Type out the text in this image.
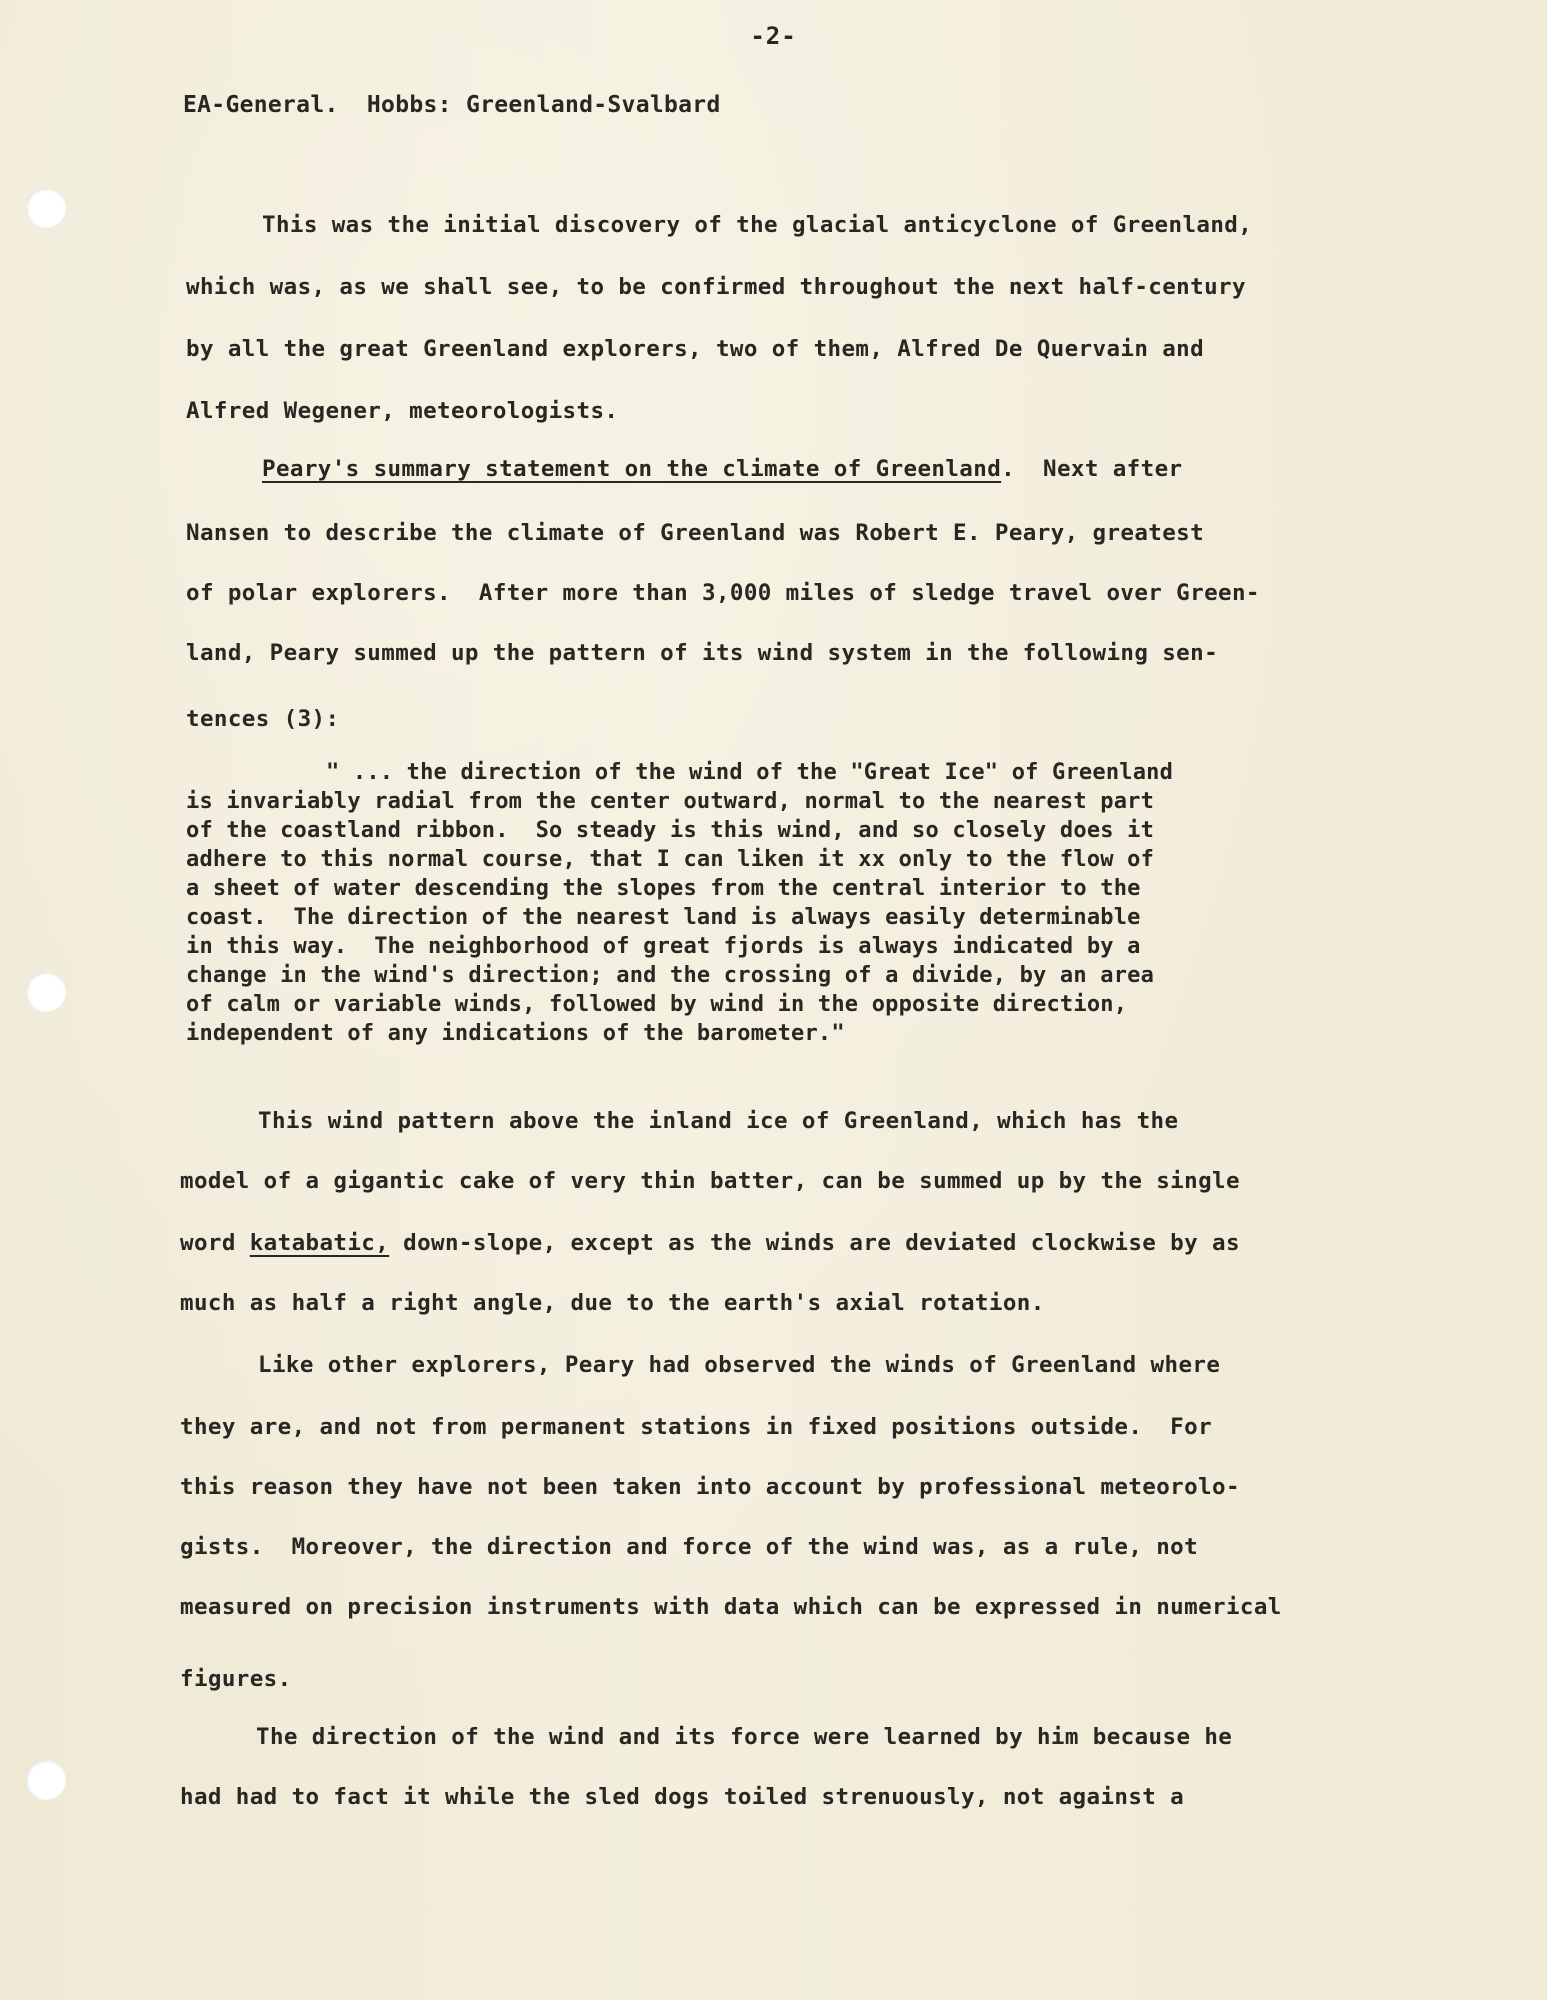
-2-
EA-General.  Hobbs: Greenland-Svalbard
This was the initial discovery of the glacial anticyclone of Greenland,
which was, as we shall see, to be confirmed throughout the next half-century
by all the great Greenland explorers, two of them, Alfred De Quervain and
Alfred Wegener, meteorologists.
Peary's summary statement on the climate of Greenland.  Next after
Nansen to describe the climate of Greenland was Robert E. Peary, greatest
of polar explorers.  After more than 3,000 miles of sledge travel over Green-
land, Peary summed up the pattern of its wind system in the following sen-
tences (3):
" ... the direction of the wind of the "Great Ice" of Greenland
is invariably radial from the center outward, normal to the nearest part
of the coastland ribbon.  So steady is this wind, and so closely does it
adhere to this normal course, that I can liken it xx only to the flow of
a sheet of water descending the slopes from the central interior to the
coast.  The direction of the nearest land is always easily determinable
in this way.  The neighborhood of great fjords is always indicated by a
change in the wind's direction; and the crossing of a divide, by an area
of calm or variable winds, followed by wind in the opposite direction,
independent of any indications of the barometer."
This wind pattern above the inland ice of Greenland, which has the
model of a gigantic cake of very thin batter, can be summed up by the single
word katabatic, down-slope, except as the winds are deviated clockwise by as
much as half a right angle, due to the earth's axial rotation.
Like other explorers, Peary had observed the winds of Greenland where
they are, and not from permanent stations in fixed positions outside.  For
this reason they have not been taken into account by professional meteorolo-
gists.  Moreover, the direction and force of the wind was, as a rule, not
measured on precision instruments with data which can be expressed in numerical
figures.
The direction of the wind and its force were learned by him because he
had had to fact it while the sled dogs toiled strenuously, not against a
